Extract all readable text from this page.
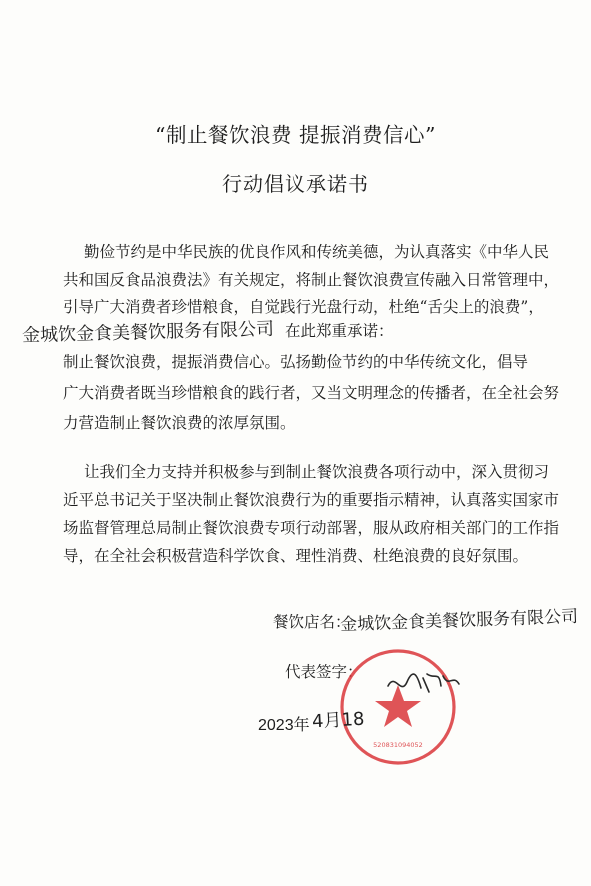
“制止餐饮浪费 提振消费信心”
行动倡议承诺书
勤俭节约是中华民族的优良作风和传统美德，为认真落实《中华人民
共和国反食品浪费法》有关规定，将制止餐饮浪费宣传融入日常管理中，
引导广大消费者珍惜粮食，自觉践行光盘行动，杜绝“舌尖上的浪费”，
在此郑重承诺：
金城饮金食美餐饮服务有限公司
制止餐饮浪费，提振消费信心。弘扬勤俭节约的中华传统文化，倡导
广大消费者既当珍惜粮食的践行者，又当文明理念的传播者，在全社会努
力营造制止餐饮浪费的浓厚氛围。
让我们全力支持并积极参与到制止餐饮浪费各项行动中，深入贯彻习
近平总书记关于坚决制止餐饮浪费行为的重要指示精神，认真落实国家市
场监督管理总局制止餐饮浪费专项行动部署，服从政府相关部门的工作指
导，在全社会积极营造科学饮食、理性消费、杜绝浪费的良好氛围。
餐饮店名：
金城饮金食美餐饮服务有限公司
代表签字：
520831094052
2023年 4月18
